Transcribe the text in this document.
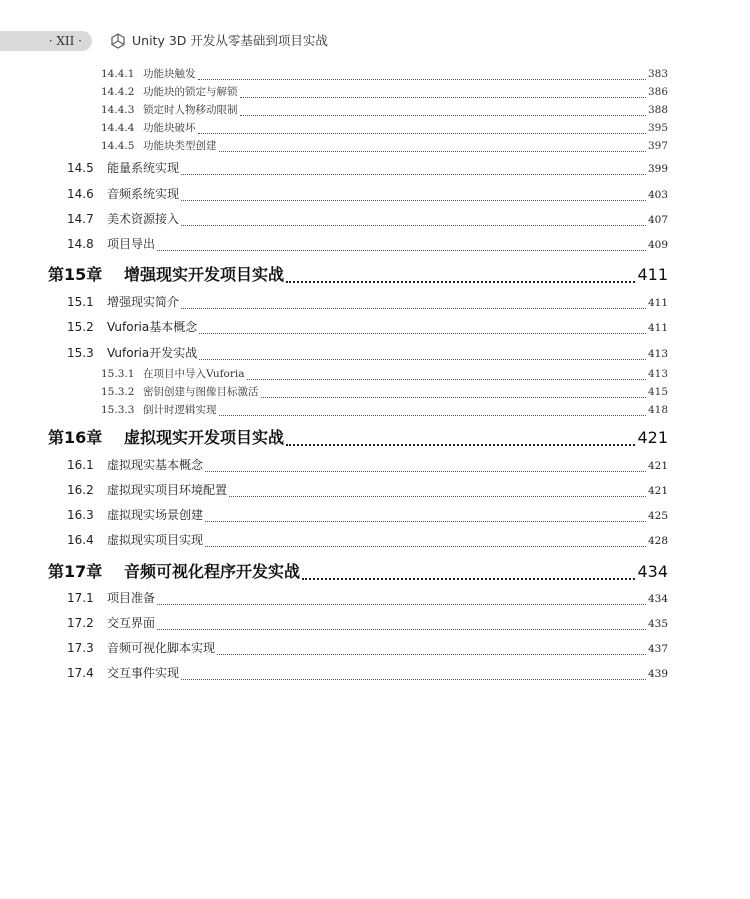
· XII ·	Unity 3D 开发从零基础到项目实战
14.4.1 功能块触发	383
14.4.2 功能块的锁定与解锁	386
14.4.3 锁定时人物移动限制	388
14.4.4 功能块破坏	395
14.4.5 功能块类型创建	397
14.5	能量系统实现	399
14.6	音频系统实现	403
14.7	美术资源接入	407
14.8	项目导出	409
第15章	增强现实开发项目实战	411
15.1	增强现实简介	411
15.2	Vuforia基本概念	411
15.3	Vuforia开发实战	413
15.3.1 在项目中导入Vuforia	413
15.3.2 密钥创建与图像目标激活	415
15.3.3 倒计时逻辑实现	418
第16章	虚拟现实开发项目实战	421
16.1	虚拟现实基本概念	421
16.2	虚拟现实项目环境配置	421
16.3	虚拟现实场景创建	425
16.4	虚拟现实项目实现	428
第17章	音频可视化程序开发实战	434
17.1	项目准备	434
17.2	交互界面	435
17.3	音频可视化脚本实现	437
17.4	交互事件实现	439
